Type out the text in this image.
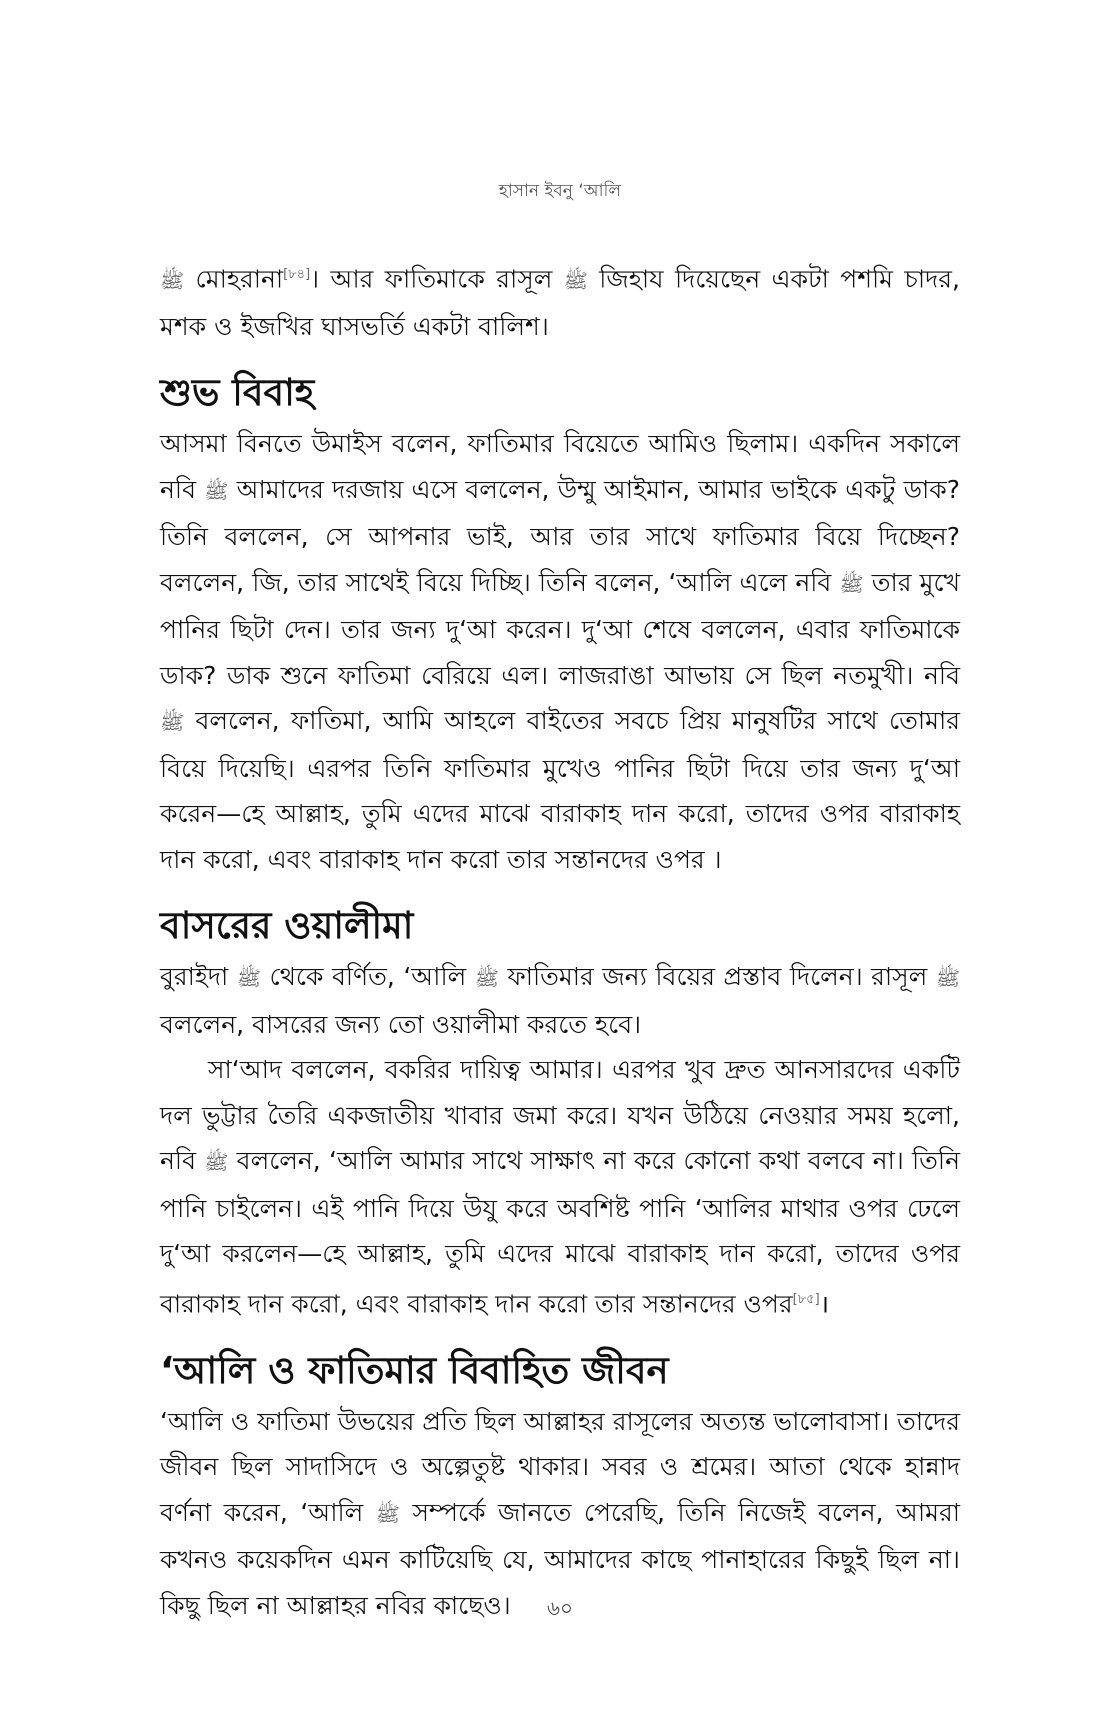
হাসান ইবনু ‘আলি

ﷺ মোহরানা[৮৪]। আর ফাতিমাকে রাসূল ﷺ জিহায দিয়েছেন একটা পশমি চাদর, মশক ও ইজখির ঘাসভর্তি একটা বালিশ।

শুভ বিবাহ

আসমা বিনতে উমাইস বলেন, ফাতিমার বিয়েতে আমিও ছিলাম। একদিন সকালে নবি ﷺ আমাদের দরজায় এসে বললেন, উম্মু আইমান, আমার ভাইকে একটু ডাক? তিনি বললেন, সে আপনার ভাই, আর তার সাথে ফাতিমার বিয়ে দিচ্ছেন? বললেন, জি, তার সাথেই বিয়ে দিচ্ছি। তিনি বলেন, ‘আলি এলে নবি ﷺ তার মুখে পানির ছিটা দেন। তার জন্য দু‘আ করেন। দু‘আ শেষে বললেন, এবার ফাতিমাকে ডাক? ডাক শুনে ফাতিমা বেরিয়ে এল। লাজরাঙা আভায় সে ছিল নতমুখী। নবি ﷺ বললেন, ফাতিমা, আমি আহলে বাইতের সবচে প্রিয় মানুষটির সাথে তোমার বিয়ে দিয়েছি। এরপর তিনি ফাতিমার মুখেও পানির ছিটা দিয়ে তার জন্য দু‘আ করেন—হে আল্লাহ, তুমি এদের মাঝে বারাকাহ দান করো, তাদের ওপর বারাকাহ দান করো, এবং বারাকাহ দান করো তার সন্তানদের ওপর ।

বাসরের ওয়ালীমা

বুরাইদা ﷺ থেকে বর্ণিত, ‘আলি ﷺ ফাতিমার জন্য বিয়ের প্রস্তাব দিলেন। রাসূল ﷺ বললেন, বাসরের জন্য তো ওয়ালীমা করতে হবে।

সা‘আদ বললেন, বকরির দায়িত্ব আমার। এরপর খুব দ্রুত আনসারদের একটি দল ভুট্টার তৈরি একজাতীয় খাবার জমা করে। যখন উঠিয়ে নেওয়ার সময় হলো, নবি ﷺ বললেন, ‘আলি আমার সাথে সাক্ষাৎ না করে কোনো কথা বলবে না। তিনি পানি চাইলেন। এই পানি দিয়ে উযু করে অবশিষ্ট পানি ‘আলির মাথার ওপর ঢেলে দু‘আ করলেন—হে আল্লাহ, তুমি এদের মাঝে বারাকাহ দান করো, তাদের ওপর বারাকাহ দান করো, এবং বারাকাহ দান করো তার সন্তানদের ওপর[৮৫]।

‘আলি ও ফাতিমার বিবাহিত জীবন

‘আলি ও ফাতিমা উভয়ের প্রতি ছিল আল্লাহর রাসূলের অত্যন্ত ভালোবাসা। তাদের জীবন ছিল সাদাসিদে ও অল্পেতুষ্ট থাকার। সবর ও শ্রমের। আতা থেকে হান্নাদ বর্ণনা করেন, ‘আলি ﷺ সম্পর্কে জানতে পেরেছি, তিনি নিজেই বলেন, আমরা কখনও কয়েকদিন এমন কাটিয়েছি যে, আমাদের কাছে পানাহারের কিছুই ছিল না। কিছু ছিল না আল্লাহর নবির কাছেও।	৬০
